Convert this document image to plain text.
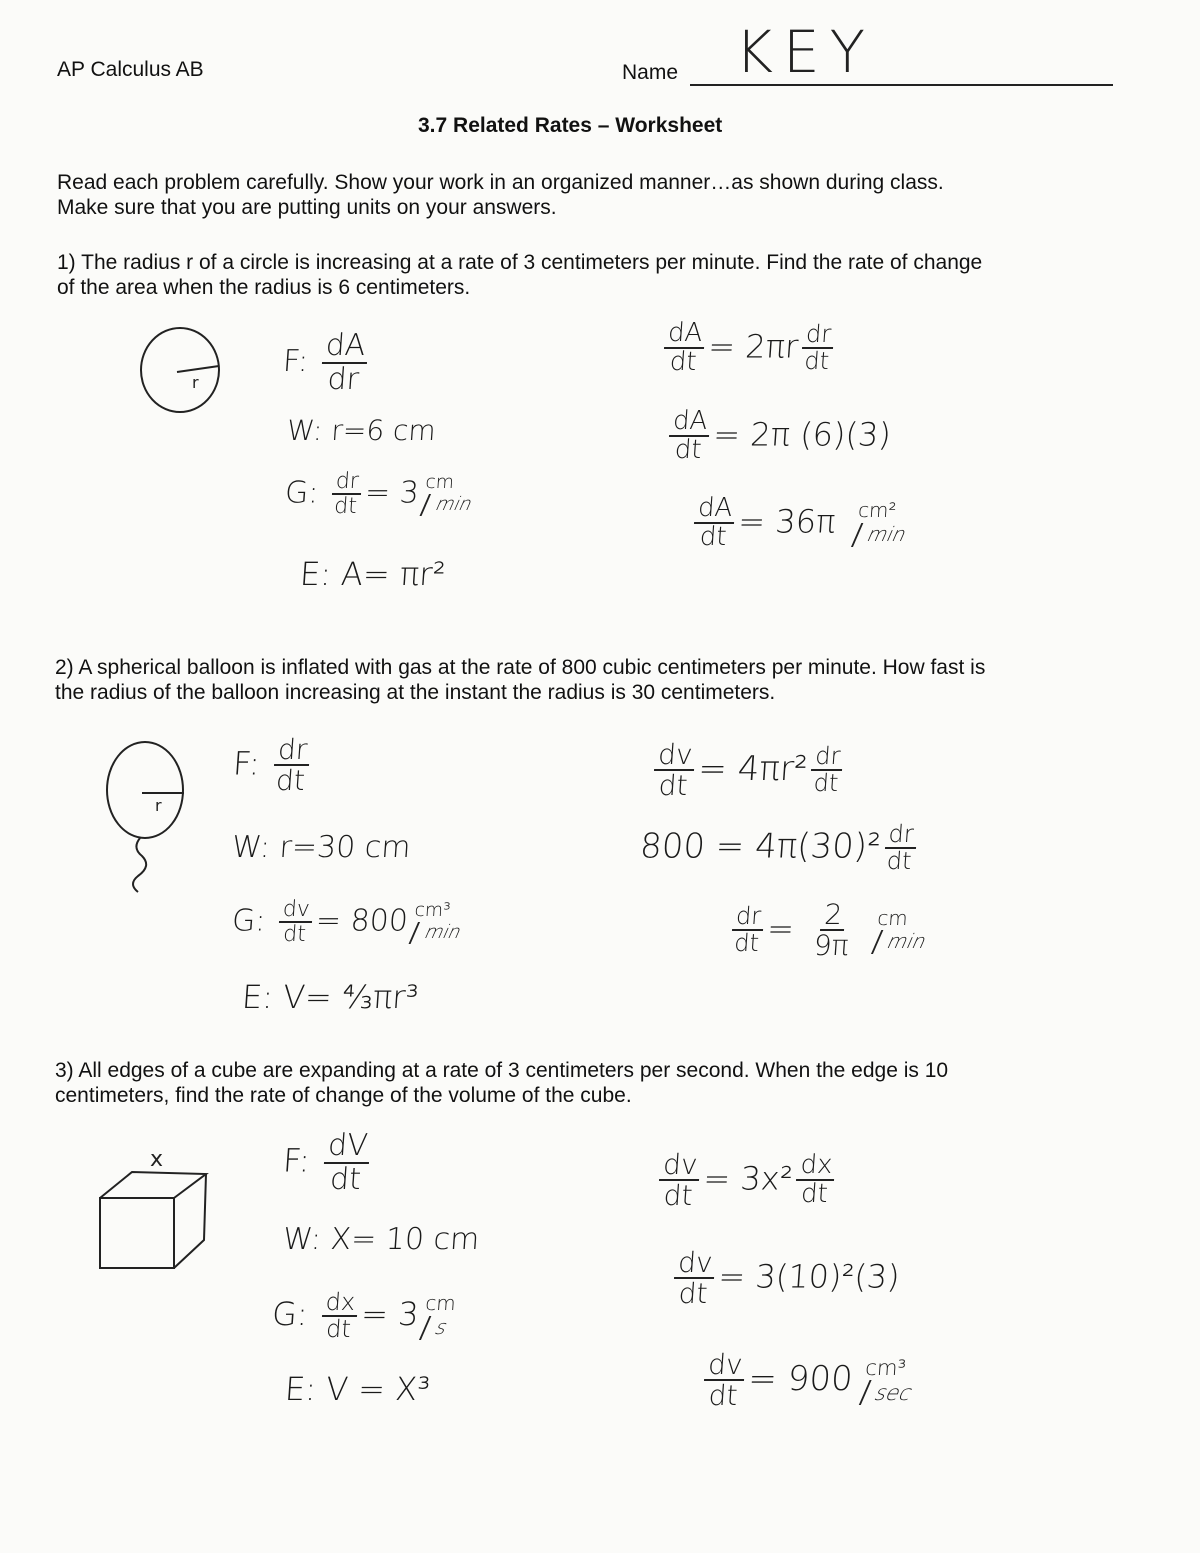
AP Calculus AB	Name KEY
3.7 Related Rates – Worksheet
Read each problem carefully. Show your work in an organized manner…as shown during class.
Make sure that you are putting units on your answers.
1) The radius r of a circle is increasing at a rate of 3 centimeters per minute. Find the rate of change
of the area when the radius is 6 centimeters.
r
F: $\frac{dA}{dr}$
W: r=6 cm
G: $\frac{dr}{dt} = 3$ cm
min
E: A= πr²
$\frac{dA}{dt} = 2\pi r \frac{dr}{dt}$
$\frac{dA}{dt} = 2\pi$ (6)(3)
$\frac{dA}{dt} = 36\pi$ cm²
min
2) A spherical balloon is inflated with gas at the rate of 800 cubic centimeters per minute. How fast is
the radius of the balloon increasing at the instant the radius is 30 centimeters.
r
F: $\frac{dr}{dt}$
W: r=30 cm
G: $\frac{dv}{dt} = 800$ cm³
min
E: V= ⁴⁄₃πr³
$\frac{dv}{dt} = 4\pi r^2 \frac{dr}{dt}$
$800 = 4\pi(30)^2 \frac{dr}{dt}$
$\frac{dr}{dt} = \frac{2}{9\pi}$ cm
min
3) All edges of a cube are expanding at a rate of 3 centimeters per second. When the edge is 10
centimeters, find the rate of change of the volume of the cube.
x	F: $\frac{dV}{dt}$
W: X= 10 cm
G: $\frac{dx}{dt} = 3$ cm
s
E: V = X³
$\frac{dv}{dt} = 3x^2 \frac{dx}{dt}$
$\frac{dv}{dt} = 3(10)^2(3)$
$\frac{dv}{dt} = 900$ cm³
sec
